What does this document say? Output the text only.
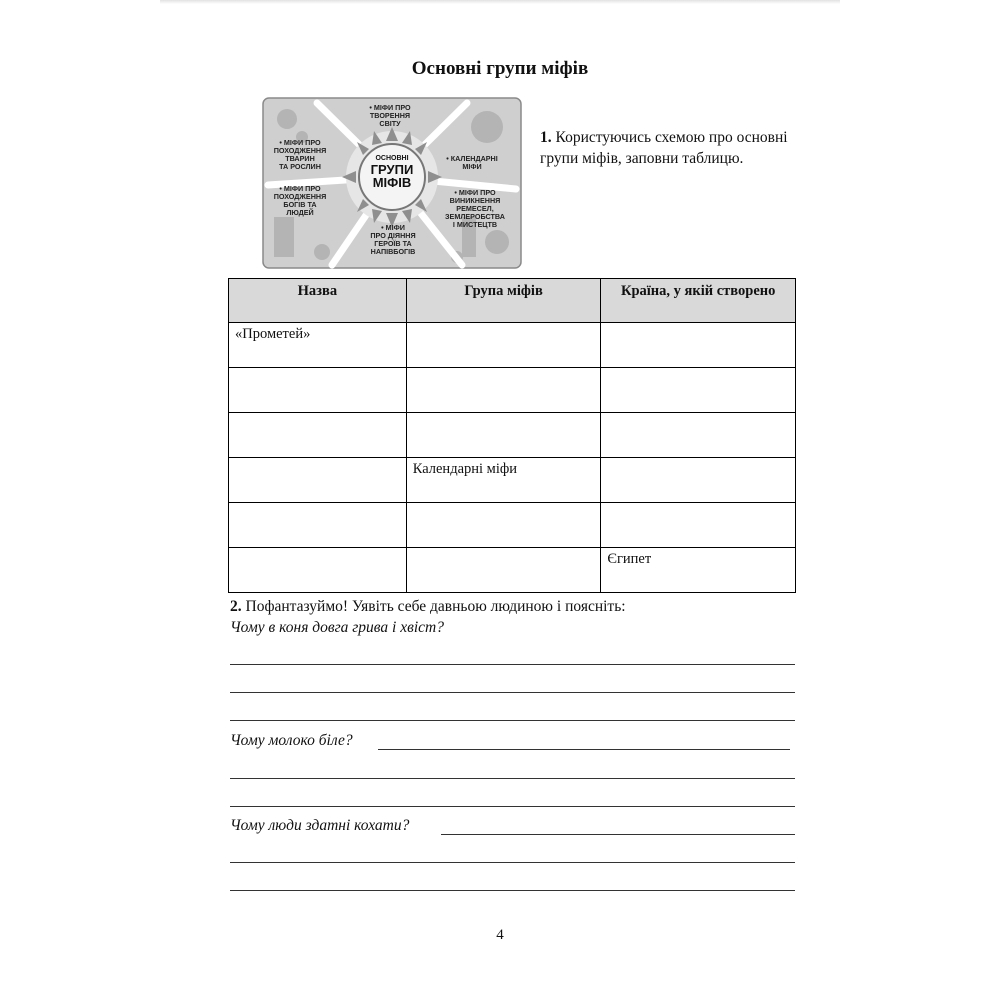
Основні групи міфів
ОСНОВНІ
ГРУПИ
МІФІВ
• МІФИ ПРО
ТВОРЕННЯ
СВІТУ
• МІФИ ПРО
ПОХОДЖЕННЯ
ТВАРИН
ТА РОСЛИН
• КАЛЕНДАРНІ
МІФИ
• МІФИ ПРО
ПОХОДЖЕННЯ
БОГІВ ТА
ЛЮДЕЙ
• МІФИ ПРО
ВИНИКНЕННЯ
РЕМЕСЕЛ,
ЗЕМЛЕРОБСТВА
І МИСТЕЦТВ
• МІФИ
ПРО ДІЯННЯ
ГЕРОЇВ ТА
НАПІВБОГІВ
1. Користуючись схемою про основні групи міфів, заповни таблицю.
Назва	Група міфів	Країна, у якій створено
«Прометей»		

	Календарні міфи	

		Єгипет
2. Пофантазуймо! Уявіть себе давньою людиною і поясніть:
Чому в коня довга грива і хвіст?
Чому молоко біле?
Чому люди здатні кохати?
4
